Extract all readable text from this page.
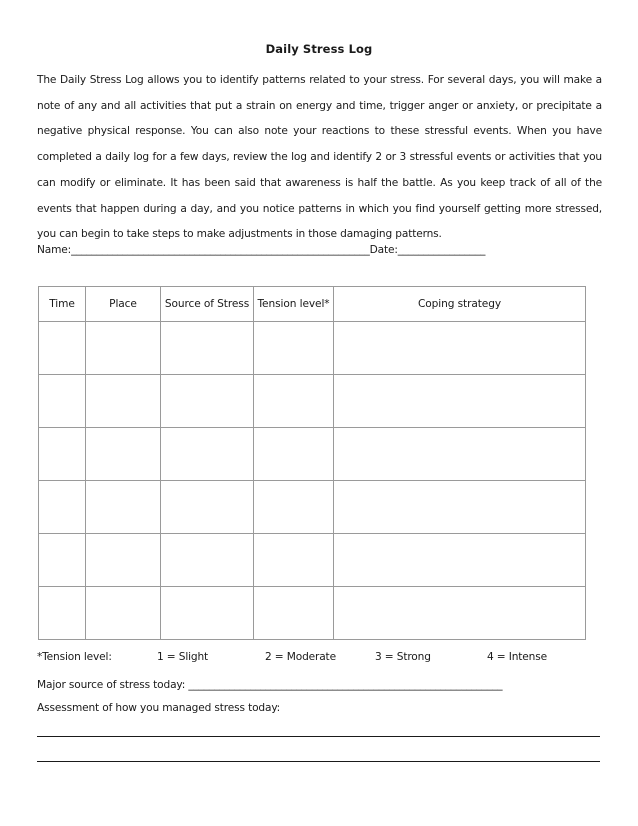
Daily Stress Log

The Daily Stress Log allows you to identify patterns related to your stress. For several days, you will make a
note of any and all activities that put a strain on energy and time, trigger anger or anxiety, or precipitate a
negative physical response. You can also note your reactions to these stressful events. When you have
completed a daily log for a few days, review the log and identify 2 or 3 stressful events or activities that you
can modify or eliminate. It has been said that awareness is half the battle. As you keep track of all of the
events that happen during a day, and you notice patterns in which you find yourself getting more stressed,
you can begin to take steps to make adjustments in those damaging patterns.

Name:__________________________________________________________Date:_________________
Time	Place	Source of Stress	Tension level*	Coping strategy

*Tension level:	1 = Slight	2 = Moderate	3 = Strong	4 = Intense
Major source of stress today: _____________________________________________________________
Assessment of how you managed stress today:
